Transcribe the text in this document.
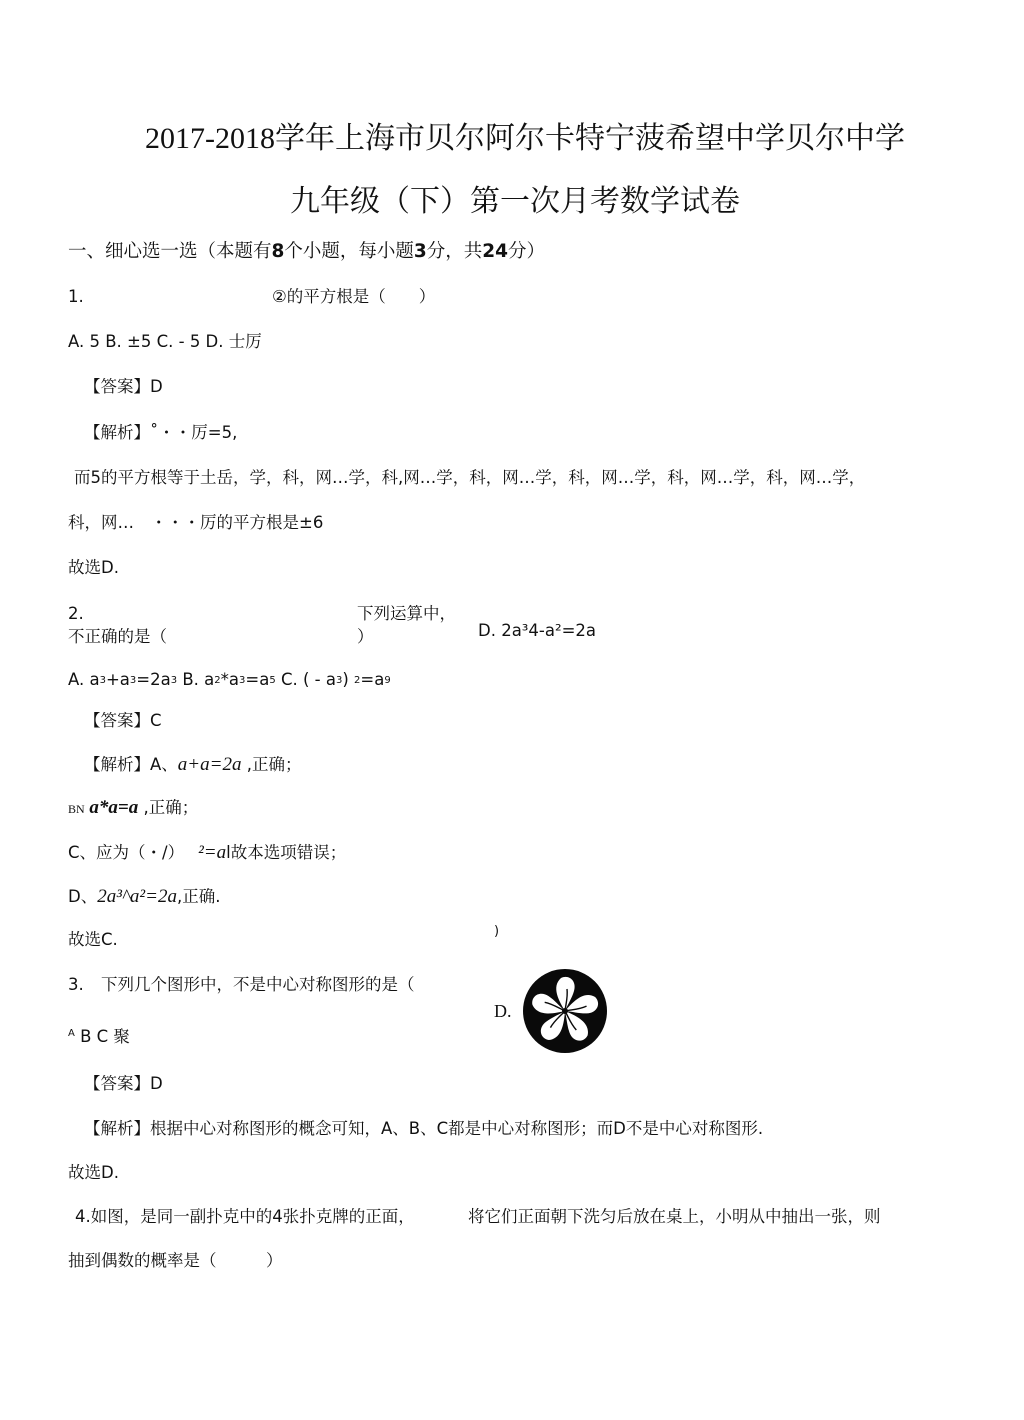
2017-2018学年上海市贝尔阿尔卡特宁菠希望中学贝尔中学
九年级（下）第一次月考数学试卷
一、细心选一选（本题有8个小题，每小题3分，共24分）
1.	②的平方根是（　　）
A. 5 B. ±5 C. - 5 D. 士厉
【答案】D
【解析】˚・・厉=5,
而5的平方根等于土岳，学，科，网…学，科,网…学，科，网…学，科，网…学，科，网…学，科，网…学，
科，网…　・・・厉的平方根是±6
故选D.
2.	下列运算中，
不正确的是（	）	D. 2a³4-a²=2a
A. $a^3+a^3=2a^3$ B. $a^2*a^3=a^5$ C. ( - $a^3$) $^2=a^9$
【答案】C
【解析】A、a+a=2a ,正确；
BN a*a=a ,正确；
C、应为（・/） ²=al故本选项错误；
D、2a³^a²=2a,正确.
故选C.	)
3. 下列几个图形中，不是中心对称图形的是（
$^A$ B C 聚
D.
【答案】D
【解析】根据中心对称图形的概念可知，A、B、C都是中心对称图形；而D不是中心对称图形.
故选D.
4.如图，是同一副扑克中的4张扑克牌的正面，	将它们正面朝下洗匀后放在桌上，小明从中抽出一张，则
抽到偶数的概率是（　　　）
